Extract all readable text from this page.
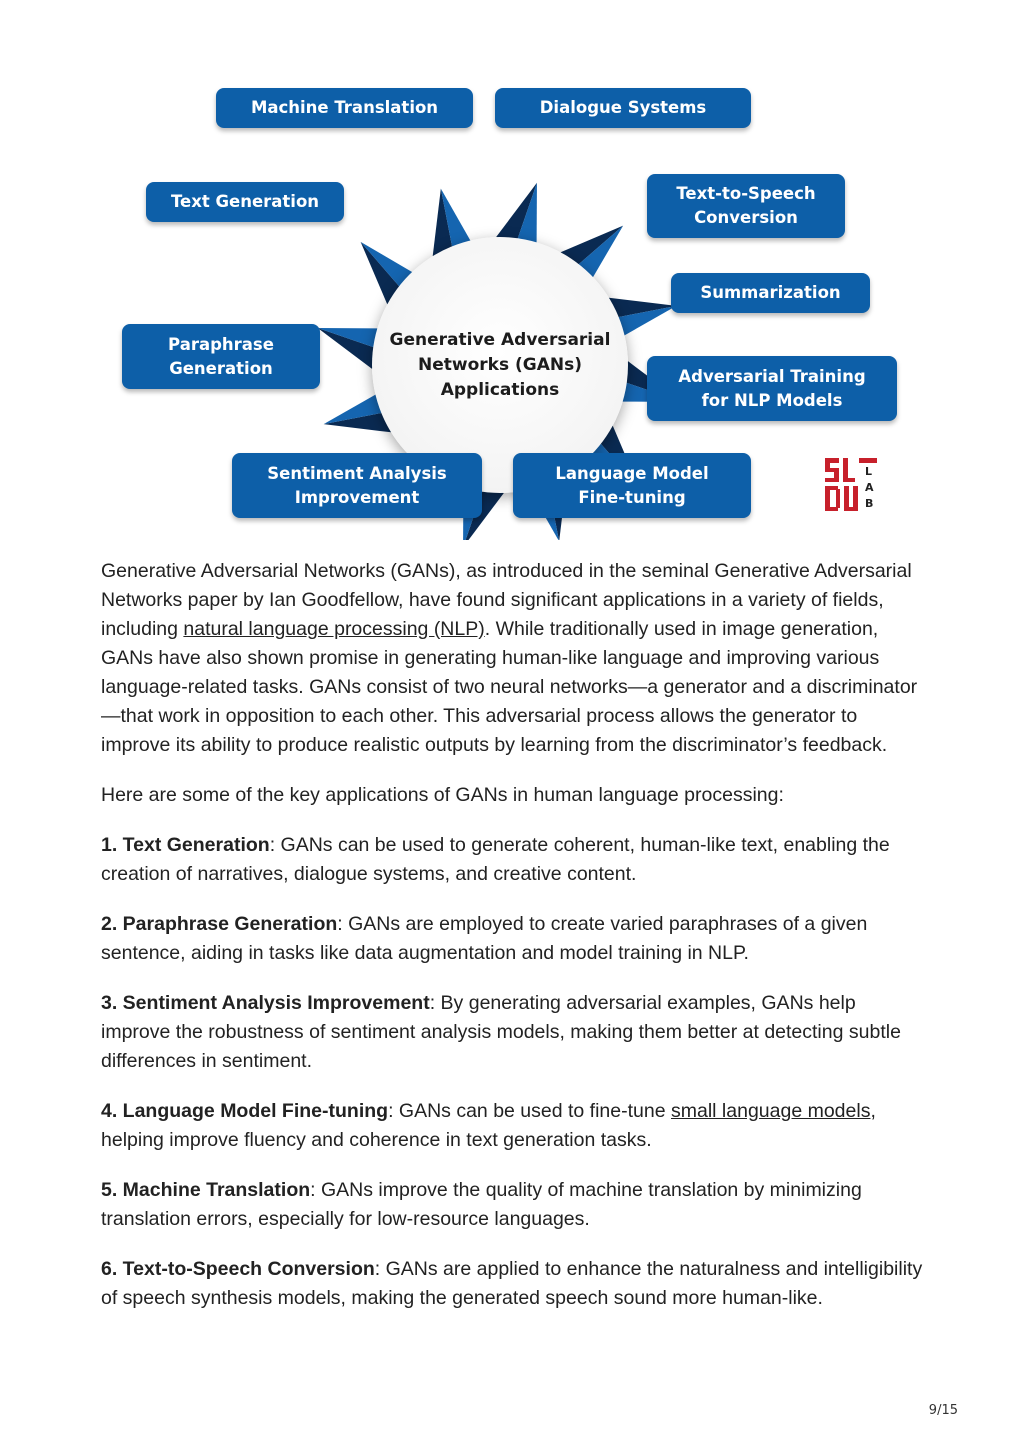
Generative Adversarial
Networks (GANs)
Applications
Machine Translation	Dialogue Systems
Text Generation	Text-to-Speech
Conversion
Summarization
Paraphrase
Generation	Adversarial Training
for NLP Models
Sentiment Analysis
Improvement
Language Model
Fine-tuning
L
A
B

Generative Adversarial Networks (GANs), as introduced in the seminal Generative Adversarial Networks paper by Ian Goodfellow, have found significant applications in a variety of fields, including natural language processing (NLP). While traditionally used in image generation, GANs have also shown promise in generating human-like language and improving various language-related tasks. GANs consist of two neural networks—a generator and a discriminator—that work in opposition to each other. This adversarial process allows the generator to improve its ability to produce realistic outputs by learning from the discriminator’s feedback.

Here are some of the key applications of GANs in human language processing:

1. Text Generation: GANs can be used to generate coherent, human-like text, enabling the creation of narratives, dialogue systems, and creative content.

2. Paraphrase Generation: GANs are employed to create varied paraphrases of a given sentence, aiding in tasks like data augmentation and model training in NLP.

3. Sentiment Analysis Improvement: By generating adversarial examples, GANs help improve the robustness of sentiment analysis models, making them better at detecting subtle differences in sentiment.

4. Language Model Fine-tuning: GANs can be used to fine-tune small language models, helping improve fluency and coherence in text generation tasks.

5. Machine Translation: GANs improve the quality of machine translation by minimizing translation errors, especially for low-resource languages.

6. Text-to-Speech Conversion: GANs are applied to enhance the naturalness and intelligibility of speech synthesis models, making the generated speech sound more human-like.

9/15
